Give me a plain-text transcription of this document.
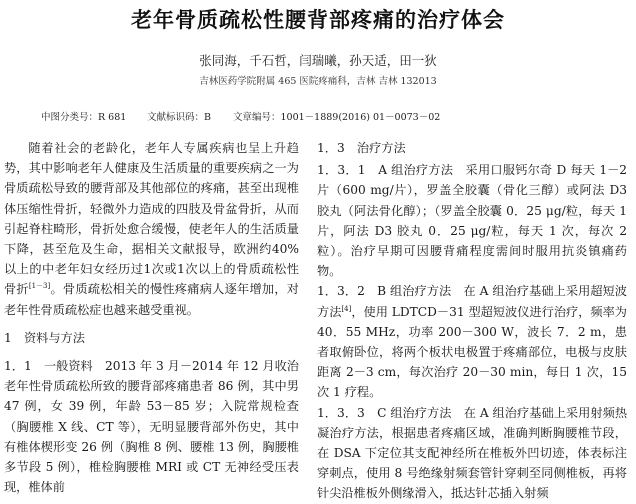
老年骨质疏松性腰背部疼痛的治疗体会
张同海，千石哲，闫瑞曦，孙天适，田一狄
吉林医药学院附属 465 医院疼痛科，吉林 吉林 132013
中图分类号：R 681 文献标识码：B 文章编号：1001－1889(2016) 01－0073－02

随着社会的老龄化，老年人专属疾病也呈上升趋势，其中影响老年人健康及生活质量的重要疾病之一为骨质疏松导致的腰背部及其他部位的疼痛，甚至出现椎体压缩性骨折，轻微外力造成的四肢及骨盆骨折，从而引起脊柱畸形，骨折处愈合缓慢，使老年人的生活质量下降，甚至危及生命，据相关文献报导，欧洲约40%以上的中老年妇女经历过1次或1次以上的骨质疏松性骨折[1－3]。骨质疏松相关的慢性疼痛病人逐年增加，对老年性骨质疏松症也越来越受重视。

1　资料与方法

1．1　一般资料　 2013 年 3 月－2014 年 12 月收治老年性骨质疏松所致的腰背部疼痛患者 86 例，其中男 47 例，女 39 例，年龄 53－85 岁；入院常规检查（胸腰椎 X 线、CT 等），无明显腰背部外伤史，其中有椎体楔形变 26 例（胸椎 8 例、腰椎 13 例，胸腰椎多节段 5 例），椎检胸腰椎 MRI 或 CT 无神经受压表现，椎体前

1．3　治疗方法

1．3．1　 A 组治疗方法　采用口服钙尔奇 D 每天 1－2 片（600 mg/片），罗盖全胶囊（骨化三醇）或阿法 D3 胶丸（阿法骨化醇）；（罗盖全胶囊 0．25 μg/粒，每天 1 片，阿法 D3 胶丸 0．25 μg/粒，每天 1 次，每次 2 粒）。治疗早期可因腰背痛程度需间时服用抗炎镇痛药物。

1．3．2　 B 组治疗方法　在 A 组治疗基础上采用超短波方法[4]，使用 LDTCD－31 型超短波仪进行治疗，频率为 40．55 MHz，功率 200－300 W，波长 7．2 m，患者取俯卧位，将两个板状电极置于疼痛部位，电极与皮肤距离 2－3 cm，每次治疗 20－30 min，每日 1 次，15 次 1 疗程。

1．3．3　 C 组治疗方法　在 A 组治疗基础上采用射频热凝治疗方法，根据患者疼痛区域，准确判断胸腰椎节段，在 DSA 下定位其支配神经所在椎板外凹切迹，体表标注穿刺点，使用 8 号绝缘射频套管针穿刺至同侧椎板，再将针尖沿椎板外侧缘滑入，抵达针芯插入射频
